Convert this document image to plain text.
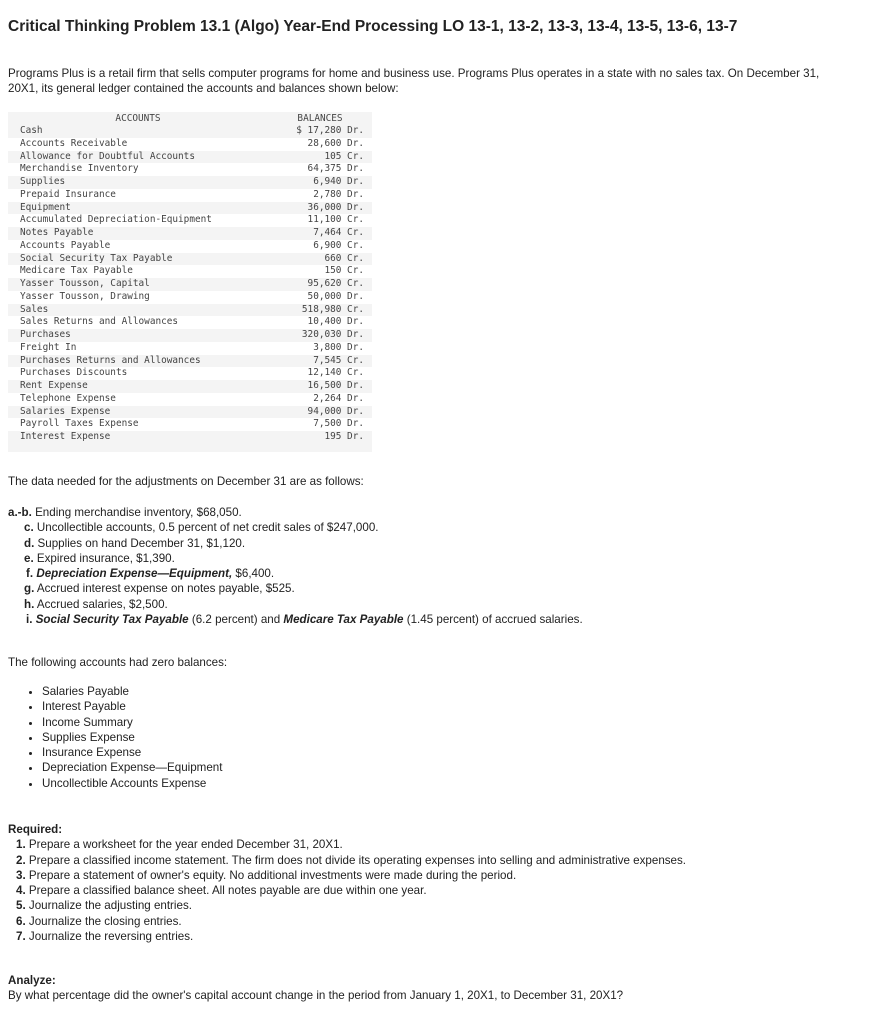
Critical Thinking Problem 13.1 (Algo) Year-End Processing LO 13-1, 13-2, 13-3, 13-4, 13-5, 13-6, 13-7

Programs Plus is a retail firm that sells computer programs for home and business use. Programs Plus operates in a state with no sales tax. On December 31, 20X1, its general ledger contained the accounts and balances shown below:

ACCOUNTS	BALANCES
Cash	$ 17,280 Dr.
Accounts Receivable	28,600 Dr.
Allowance for Doubtful Accounts	105 Cr.
Merchandise Inventory	64,375 Dr.
Supplies	6,940 Dr.
Prepaid Insurance	2,780 Dr.
Equipment	36,000 Dr.
Accumulated Depreciation-Equipment	11,100 Cr.
Notes Payable	7,464 Cr.
Accounts Payable	6,900 Cr.
Social Security Tax Payable	660 Cr.
Medicare Tax Payable	150 Cr.
Yasser Tousson, Capital	95,620 Cr.
Yasser Tousson, Drawing	50,000 Dr.
Sales	518,980 Cr.
Sales Returns and Allowances	10,400 Dr.
Purchases	320,030 Dr.
Freight In	3,800 Dr.
Purchases Returns and Allowances	7,545 Cr.
Purchases Discounts	12,140 Cr.
Rent Expense	16,500 Dr.
Telephone Expense	2,264 Dr.
Salaries Expense	94,000 Dr.
Payroll Taxes Expense	7,500 Dr.
Interest Expense	195 Dr.

The data needed for the adjustments on December 31 are as follows:

a.-b. Ending merchandise inventory, $68,050.
c. Uncollectible accounts, 0.5 percent of net credit sales of $247,000.
d. Supplies on hand December 31, $1,120.
e. Expired insurance, $1,390.
f. Depreciation Expense—Equipment, $6,400.
g. Accrued interest expense on notes payable, $525.
h. Accrued salaries, $2,500.
i. Social Security Tax Payable (6.2 percent) and Medicare Tax Payable (1.45 percent) of accrued salaries.

The following accounts had zero balances:

• Salaries Payable
• Interest Payable
• Income Summary
• Supplies Expense
• Insurance Expense
• Depreciation Expense—Equipment
• Uncollectible Accounts Expense
Required:
1. Prepare a worksheet for the year ended December 31, 20X1.
2. Prepare a classified income statement. The firm does not divide its operating expenses into selling and administrative expenses.
3. Prepare a statement of owner's equity. No additional investments were made during the period.
4. Prepare a classified balance sheet. All notes payable are due within one year.
5. Journalize the adjusting entries.
6. Journalize the closing entries.
7. Journalize the reversing entries.
Analyze:
By what percentage did the owner's capital account change in the period from January 1, 20X1, to December 31, 20X1?
